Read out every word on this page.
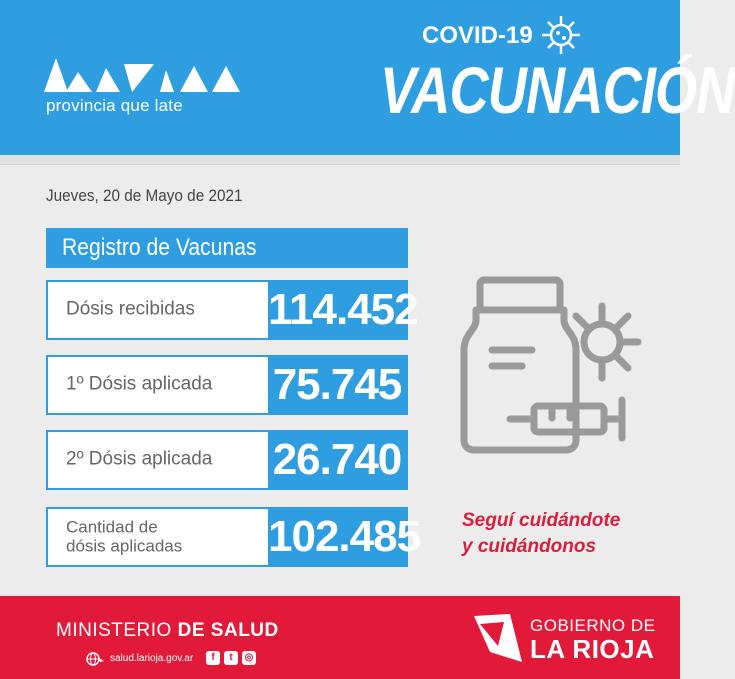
provincia que late
COVID-19
VACUNACIÓN
Jueves, 20 de Mayo de 2021
Registro de Vacunas
Dósis recibidas 114.452
1º Dósis aplicada 75.745
2º Dósis aplicada 26.740
Cantidad de
dósis aplicadas 102.485 Seguí cuidándote
y cuidándonos
MINISTERIO DE SALUD
salud.larioja.gov.ar	f	t	◎
GOBIERNO DE
LA RIOJA
